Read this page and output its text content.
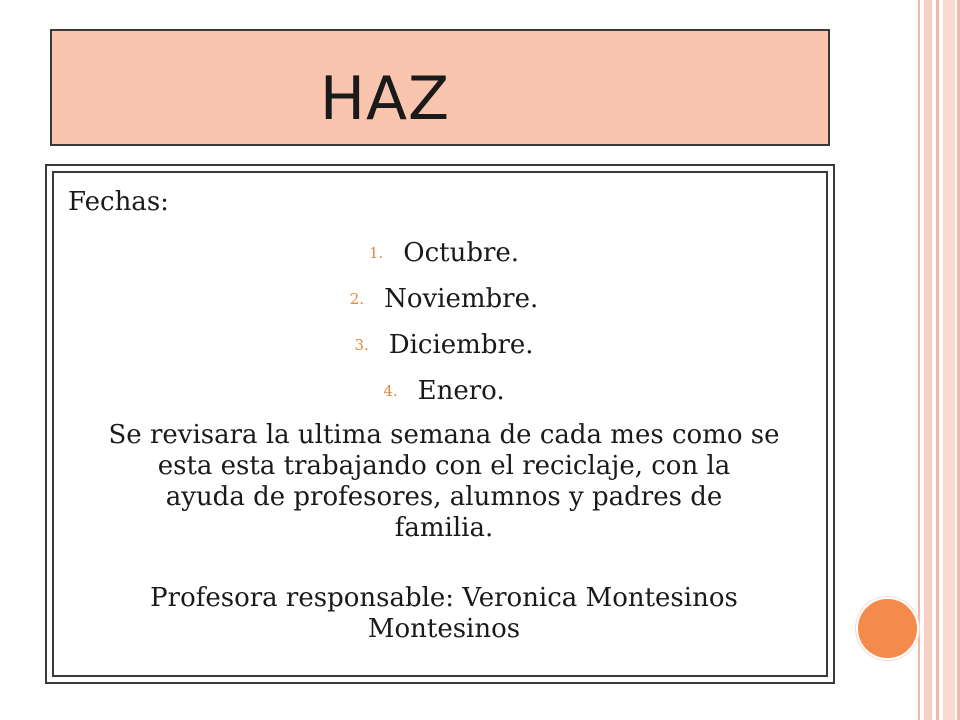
HAZ
Fechas:
1. Octubre.
2. Noviembre.
3. Diciembre.
4. Enero.

Se revisara la ultima semana de cada mes como se
esta esta trabajando con el reciclaje, con la
ayuda de profesores, alumnos y padres de
familia.

Profesora responsable: Veronica Montesinos
Montesinos
